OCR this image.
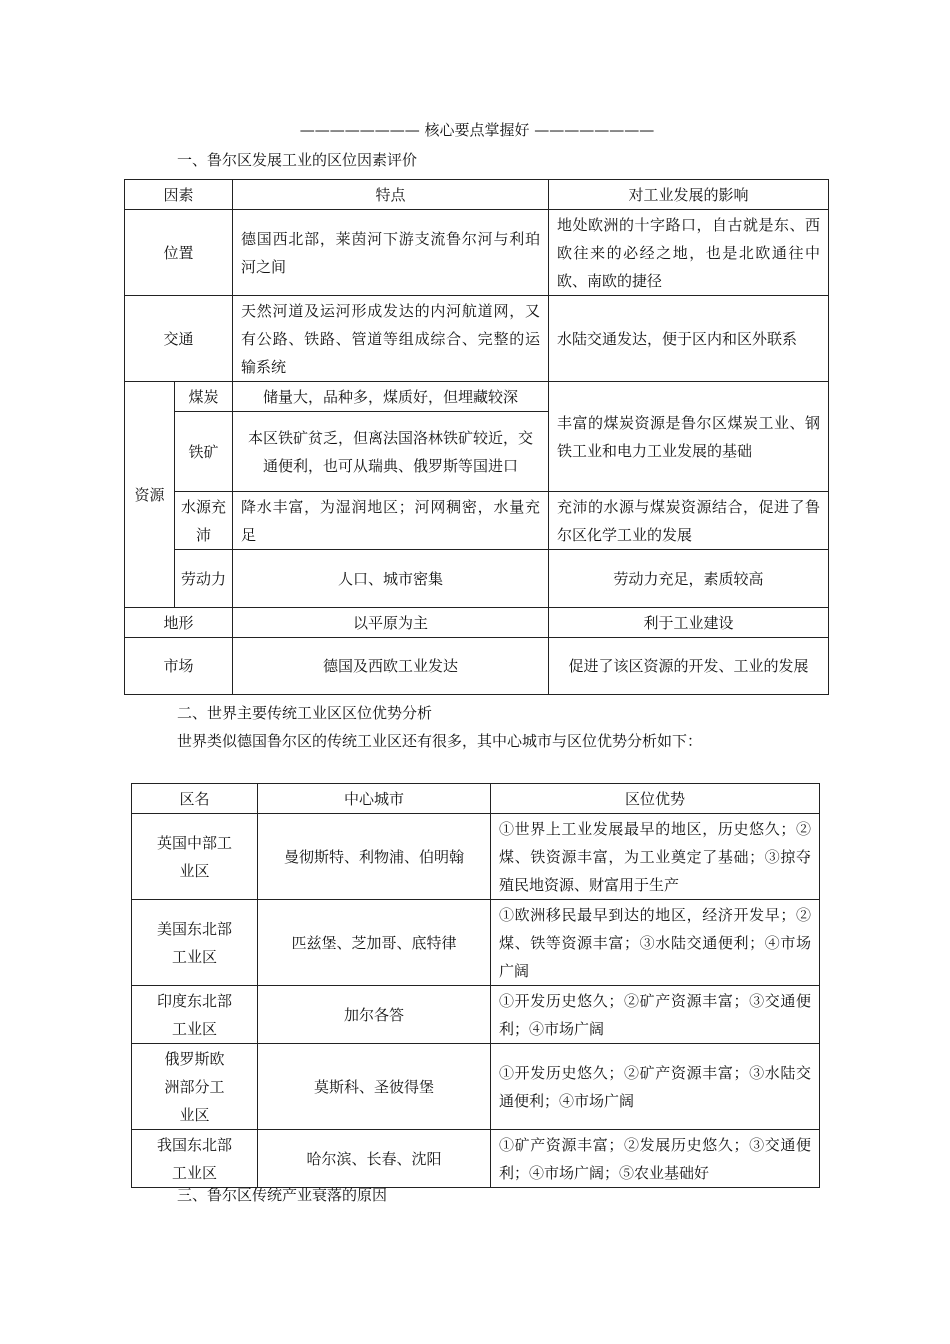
———————— 核心要点掌握好 ————————
一、鲁尔区发展工业的区位因素评价
因素		特点	对工业发展的影响
位置		德国西北部，莱茵河下游支流鲁尔河与利珀河之间	地处欧洲的十字路口，自古就是东、西欧往来的必经之地，也是北欧通往中欧、南欧的捷径
交通		天然河道及运河形成发达的内河航道网，又有公路、铁路、管道等组成综合、完整的运输系统	水陆交通发达，便于区内和区外联系
资源	煤炭	储量大，品种多，煤质好，但埋藏较深	丰富的煤炭资源是鲁尔区煤炭工业、钢铁工业和电力工业发展的基础
	铁矿	本区铁矿贫乏，但离法国洛林铁矿较近，交通便利，也可从瑞典、俄罗斯等国进口	
	水源充沛	降水丰富，为湿润地区；河网稠密，水量充足	充沛的水源与煤炭资源结合，促进了鲁尔区化学工业的发展
	劳动力	人口、城市密集	劳动力充足，素质较高
地形		以平原为主	利于工业建设
市场		德国及西欧工业发达	促进了该区资源的开发、工业的发展
二、世界主要传统工业区区位优势分析
世界类似德国鲁尔区的传统工业区还有很多，其中心城市与区位优势分析如下：
区名	中心城市	区位优势
英国中部工业区	曼彻斯特、利物浦、伯明翰	①世界上工业发展最早的地区，历史悠久；②煤、铁资源丰富，为工业奠定了基础；③掠夺殖民地资源、财富用于生产
美国东北部工业区	匹兹堡、芝加哥、底特律	①欧洲移民最早到达的地区，经济开发早；②煤、铁等资源丰富；③水陆交通便利；④市场广阔
印度东北部工业区	加尔各答	①开发历史悠久；②矿产资源丰富；③交通便利；④市场广阔
俄罗斯欧洲部分工业区	莫斯科、圣彼得堡	①开发历史悠久；②矿产资源丰富；③水陆交通便利；④市场广阔
我国东北部工业区	哈尔滨、长春、沈阳	①矿产资源丰富；②发展历史悠久；③交通便利；④市场广阔；⑤农业基础好
三、鲁尔区传统产业衰落的原因
